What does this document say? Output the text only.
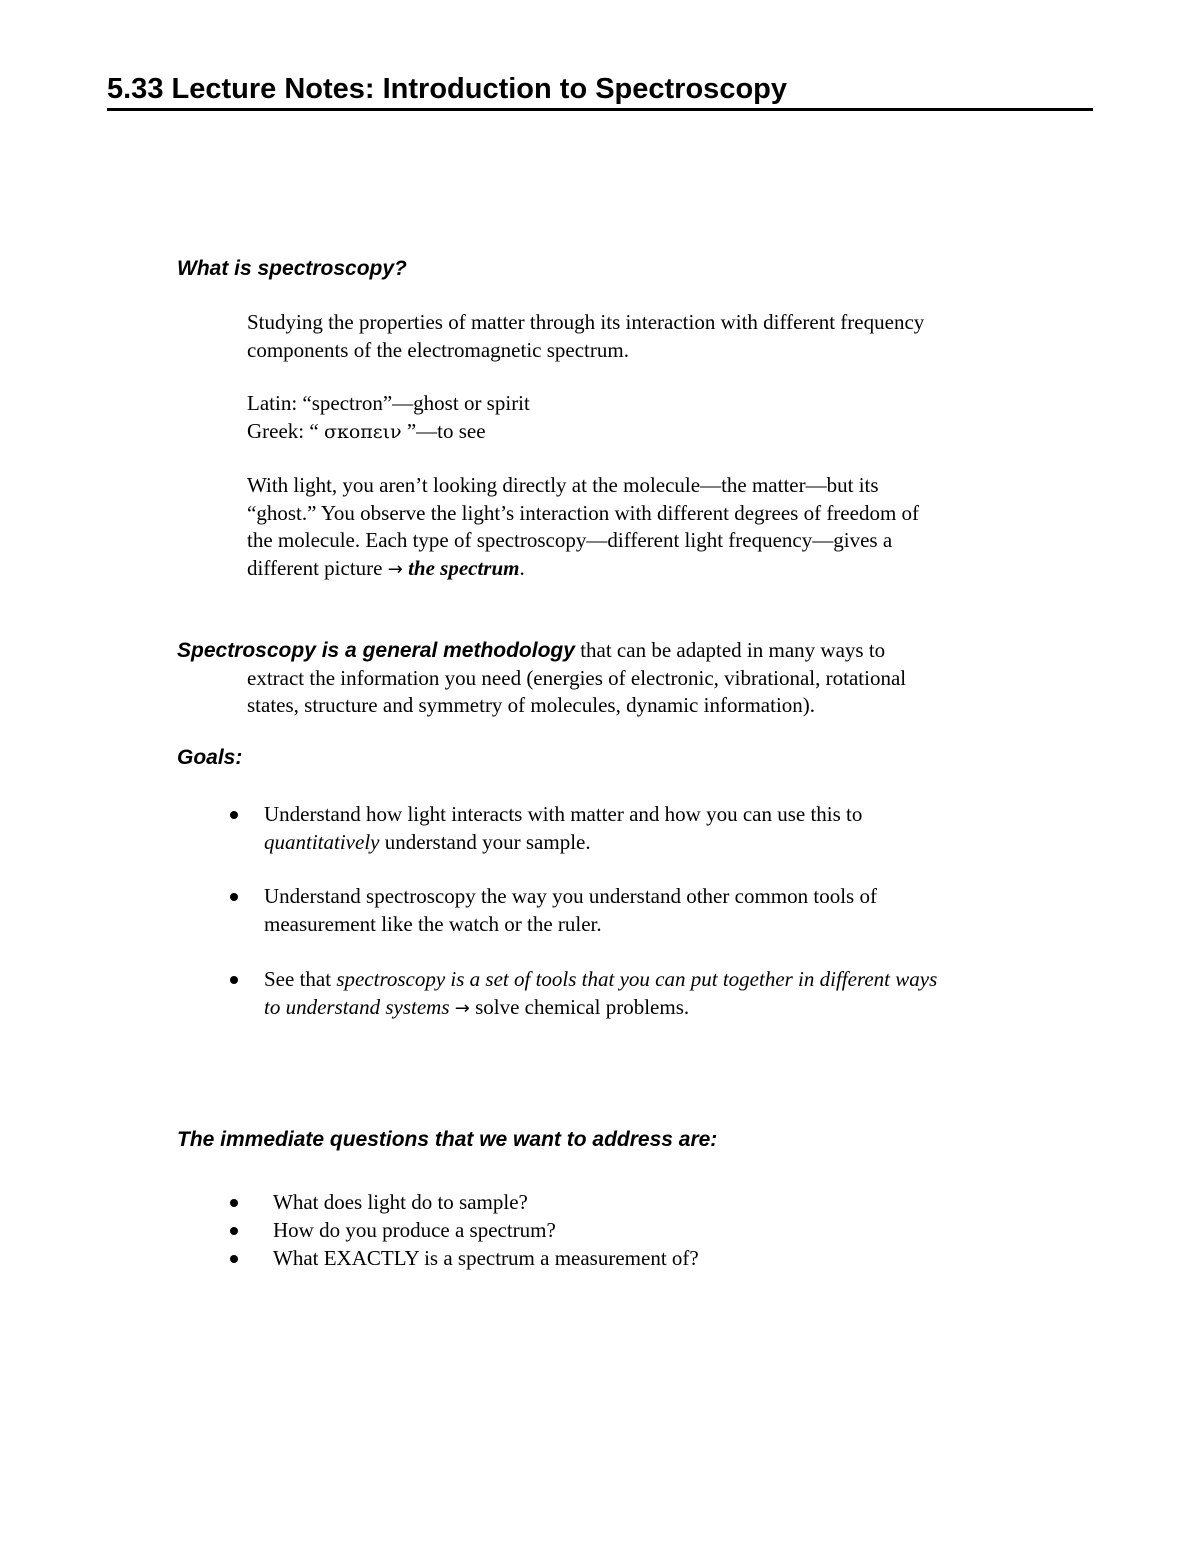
5.33 Lecture Notes: Introduction to Spectroscopy
What is spectroscopy?
Studying the properties of matter through its interaction with different frequency
components of the electromagnetic spectrum.
Latin: “spectron”—ghost or spirit
Greek: “ σκοπειν ”—to see
With light, you aren’t looking directly at the molecule—the matter—but its
“ghost.” You observe the light’s interaction with different degrees of freedom of
the molecule. Each type of spectroscopy—different light frequency—gives a
different picture → the spectrum.
Spectroscopy is a general methodology that can be adapted in many ways to
extract the information you need (energies of electronic, vibrational, rotational
states, structure and symmetry of molecules, dynamic information).
Goals:
Understand how light interacts with matter and how you can use this to
quantitatively understand your sample.
Understand spectroscopy the way you understand other common tools of
measurement like the watch or the ruler.
See that spectroscopy is a set of tools that you can put together in different ways
to understand systems → solve chemical problems.
The immediate questions that we want to address are:
What does light do to sample?
How do you produce a spectrum?
What EXACTLY is a spectrum a measurement of?
